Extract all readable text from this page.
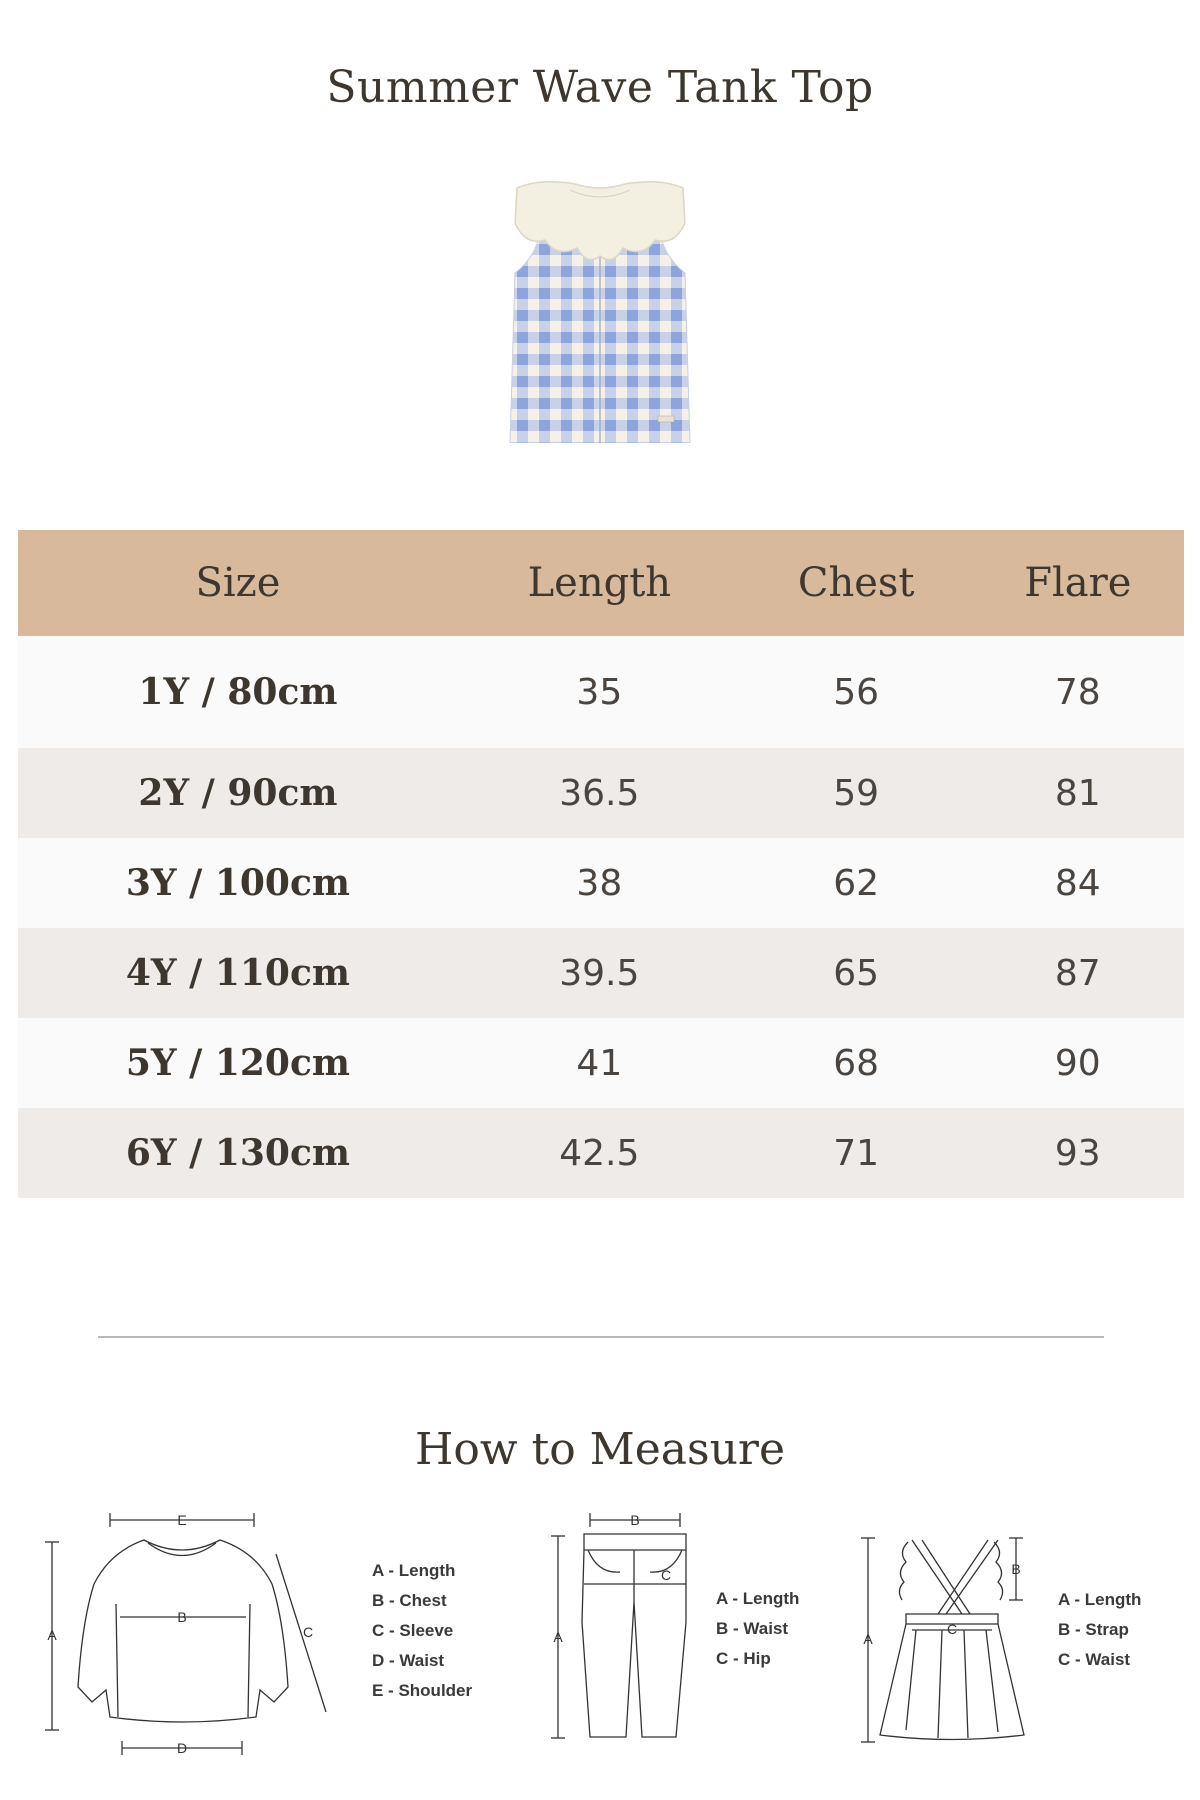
Summer Wave Tank Top
Size	Length	Chest	Flare
1Y / 80cm	35	56	78
2Y / 90cm	36.5	59	81
3Y / 100cm	38	62	84
4Y / 110cm	39.5	65	87
5Y / 120cm	41	68	90
6Y / 130cm	42.5	71	93
How to Measure
E
A
B
C
D
A - Length
B - Chest
C - Sleeve
D - Waist
E - Shoulder
B
A
C
A - Length
B - Waist
C - Hip
A
B
C
A - Length
B - Strap
C - Waist
